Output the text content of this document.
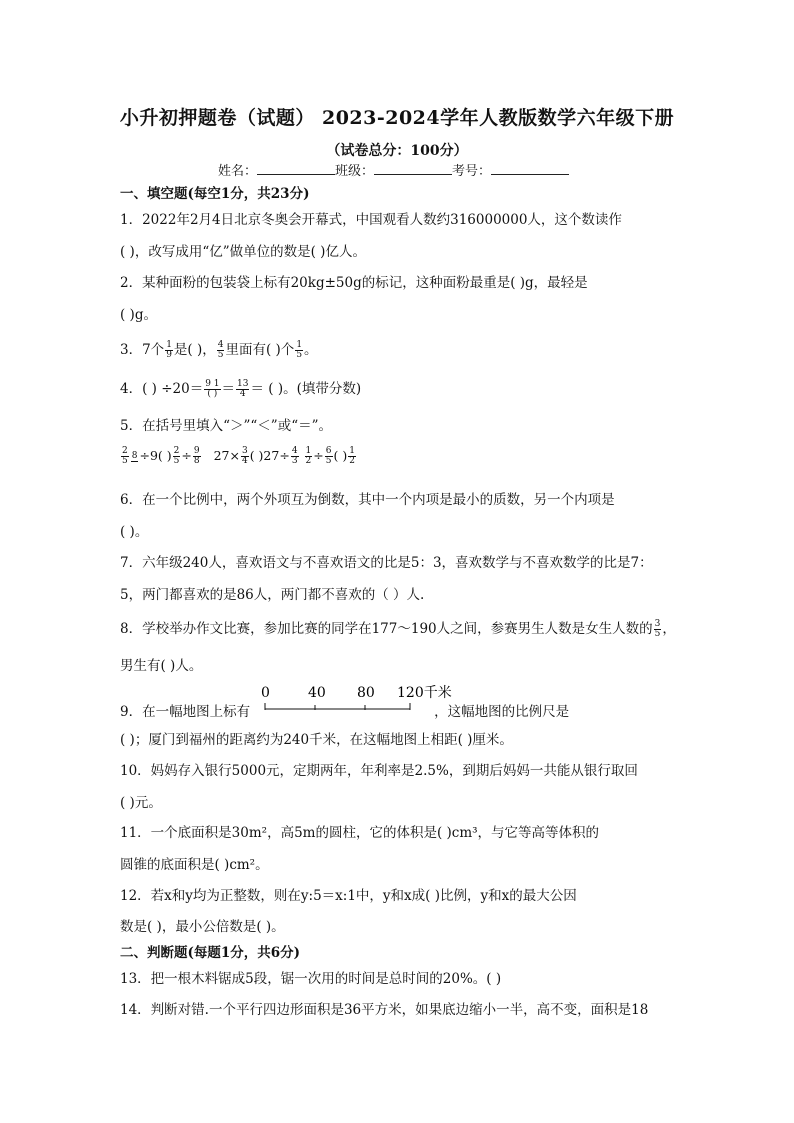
小升初押题卷（试题） 2023-2024学年人教版数学六年级下册
（试卷总分：100分）
姓名：	班级：	考号：
一、填空题(每空1分，共23分)
1．2022年2月4日北京冬奥会开幕式，中国观看人数约316000000人，这个数读作
( )，改写成用“亿”做单位的数是( )亿人。
2．某种面粉的包装袋上标有20kg±50g的标记，这种面粉最重是( )g，最轻是
( )g。
3．7个 $\frac{1}{9}$ 是( )， $\frac{4}{5}$ 里面有( )个 $\frac{1}{5}$ 。
4．( ) $\div 20= \frac{9 1}{( )} = \frac{13}{4}$ ＝ ( )。(填带分数)
5．在括号里填入“＞”“＜”或“＝”。
$\frac{2}{5} 8 \div 9$( ) $\frac{2}{5} \div \frac{9}{8} 27\times \frac{3}{4}$ ( )$27\div \frac{4}{3} \frac{1}{2} \div \frac{6}{5}$ ( ) $\frac{1}{2}$
6．在一个比例中，两个外项互为倒数，其中一个内项是最小的质数，另一个内项是
( )。
7．六年级240人，喜欢语文与不喜欢语文的比是5：3，喜欢数学与不喜欢数学的比是7：
5，两门都喜欢的是86人，两门都不喜欢的（ ）人.
8．学校举办作文比赛，参加比赛的同学在177～190人之间，参赛男生人数是女生人数的 $\frac{3}{5}$ ，
男生有( )人。
9．在一幅地图上标有	，这幅地图的比例尺是
0	40 80 120千米
( )；厦门到福州的距离约为240千米，在这幅地图上相距( )厘米。
10．妈妈存入银行5000元，定期两年，年利率是2.5%，到期后妈妈一共能从银行取回
( )元。
11．一个底面积是30m²，高5m的圆柱，它的体积是( )cm³，与它等高等体积的
圆锥的底面积是( )cm²。
12．若x和y均为正整数，则在y:5＝x:1中，y和x成( )比例，y和x的最大公因
数是( )，最小公倍数是( )。
二、判断题(每题1分，共6分)
13．把一根木料锯成5段，锯一次用的时间是总时间的20%。( )
14．判断对错.一个平行四边形面积是36平方米，如果底边缩小一半，高不变，面积是18
